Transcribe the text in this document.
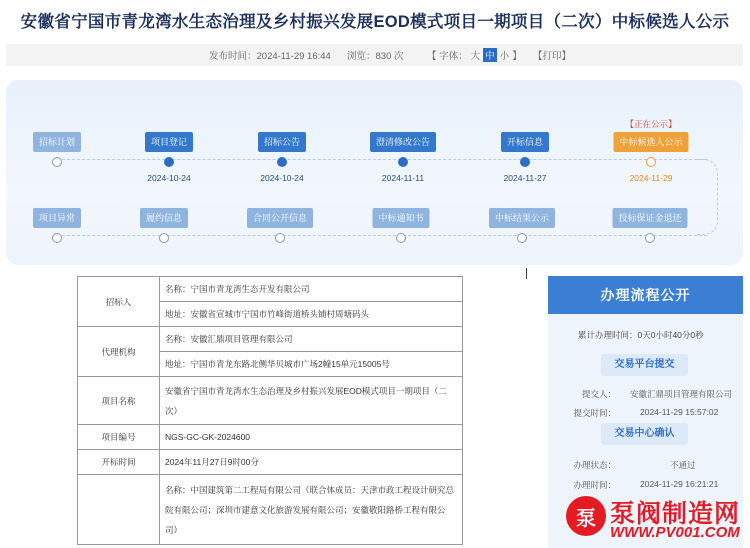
安徽省宁国市青龙湾水生态治理及乡村振兴发展EOD模式项目一期项目（二次）中标候选人公示
发布时间：2024-11-29 16:44 浏览：830 次 【 字体： 大 中 小 】 【打印】
【正在公示】
招标计划	项目登记
2024-10-24
招标公告
2024-10-24
澄清修改公告
2024-11-11
开标信息
2024-11-27
中标候选人公示
2024-11-29
项目异常	履约信息	合同公开信息	中标通知书	中标结果公示	投标保证金退还
招标人	名称：宁国市青龙湾生态开发有限公司
	地址：安徽省宣城市宁国市竹峰街道桥头铺村周塘码头
代理机构	名称：安徽汇鼎项目管理有限公司
	地址：宁国市青龙东路北侧华贝城市广场2幢15单元15005号
项目名称	安徽省宁国市青龙湾水生态治理及乡村振兴发展EOD模式项目一期项目（二次）
项目编号	NGS-GC-GK-2024600
开标时间	2024年11月27日9时00分
	名称：中国建筑第二工程局有限公司（联合体成员：天津市政工程设计研究总院有限公司；深圳市建意文化旅游发展有限公司；安徽敬阳路桥工程有限公司）
办理流程公开
累计办理时间：0天0小时40分0秒
交易平台提交
提交人： 安徽汇鼎项目管理有限公司
提交时间：	2024-11-29 15:57:02
交易中心确认
办理状态：	不通过
办理时间：	2024-11-29 16:21:21
泵 泵阀制造网
WWW.PV001.COM
